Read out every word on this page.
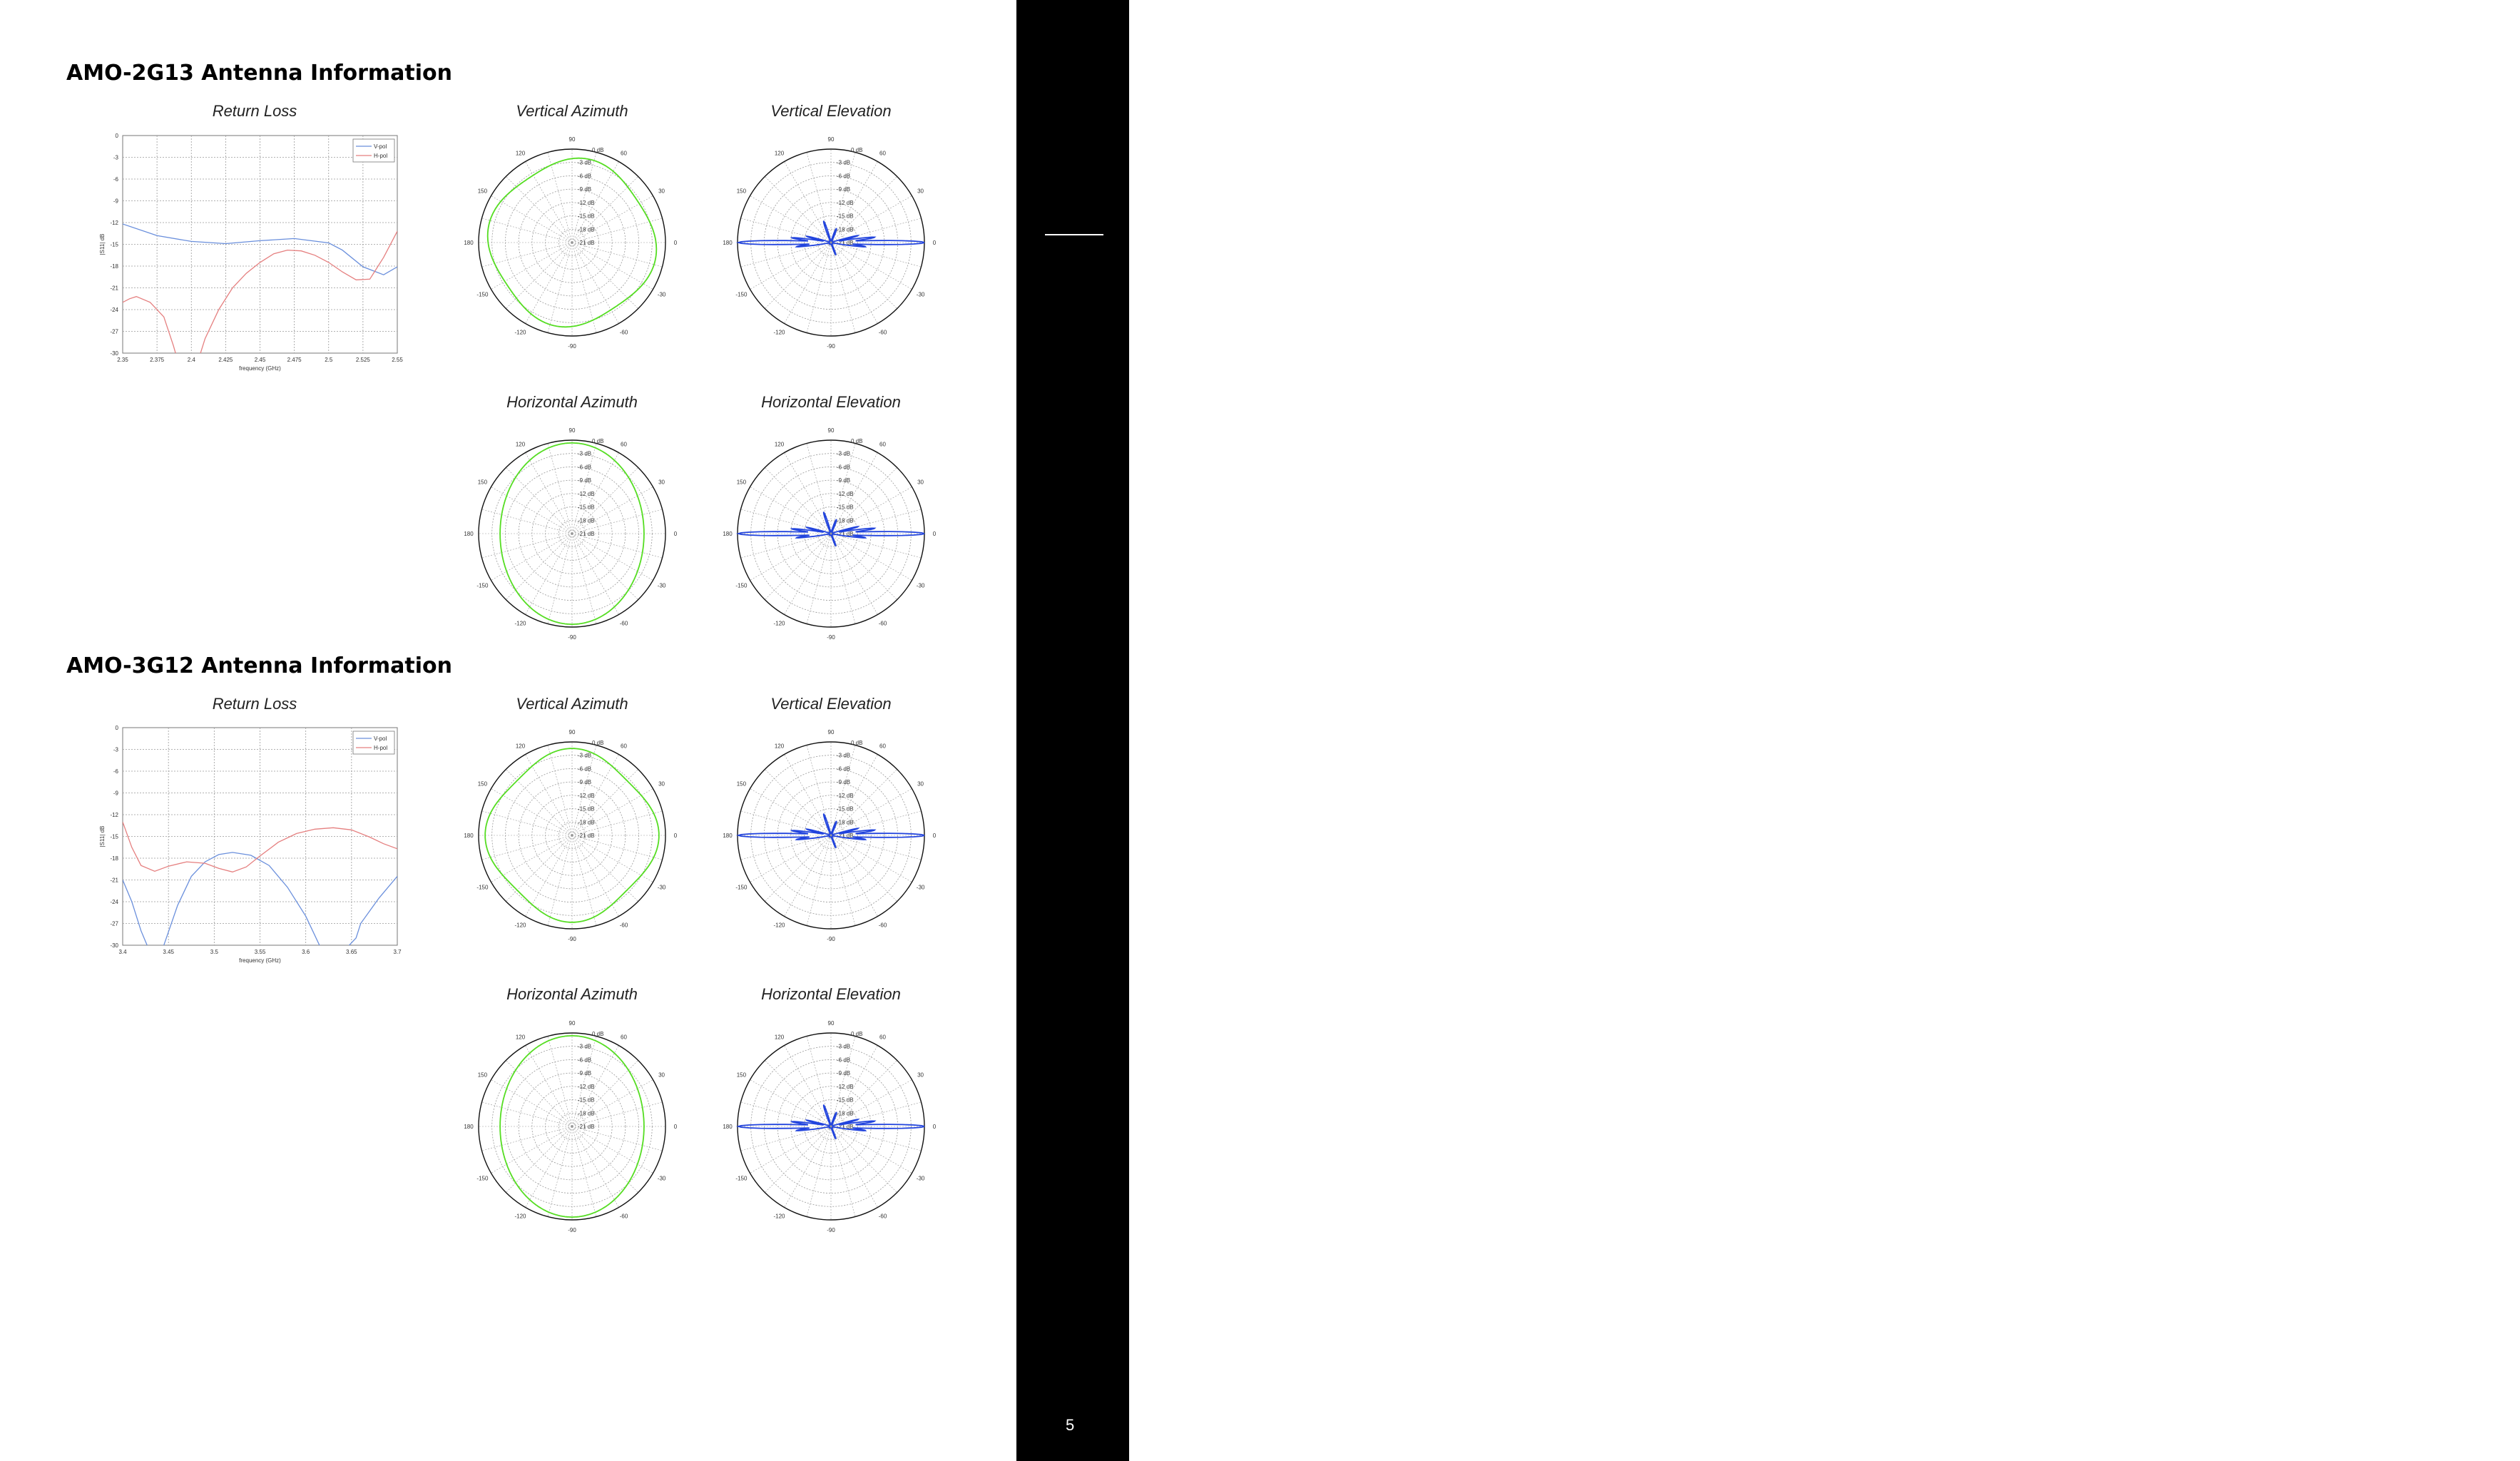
airMAX®Omni
DATASHEET
5
AMO-2G13 Antenna Information
AMO-3G12 Antenna Information
Return Loss	Vertical Azimuth	Vertical Elevation
Horizontal Azimuth	Horizontal Elevation
Return Loss	Vertical Azimuth	Vertical Elevation
Horizontal Azimuth	Horizontal Elevation
2.35	2.375	2.4	2.425	2.45	2.475	2.5	2.525	2.55
0
-3
-6
-9
-12
-15
-18
-21
-24
-27
-30
frequency (GHz)
|S11| dB
V-pol
H-pol
3.4	3.45	3.5	3.55	3.6	3.65	3.7
0
-3
-6
-9
-12
-15
-18
-21
-24
-27
-30
frequency (GHz)
|S11| dB
V-pol
H-pol
0
30
60
90
120
150
180
-150
-120
-90
-60
-30
0 dB
-3 dB
-6 dB
-9 dB
-12 dB
-15 dB
-18 dB
-21 dB	0
30
60
90
120
150
180
-150
-120
-90
-60
-30
0 dB
-3 dB
-6 dB
-9 dB
-12 dB
-15 dB
-18 dB
-21 dB
0
30
60
90
120
150
180
-150
-120
-90
-60
-30
0 dB
-3 dB
-6 dB
-9 dB
-12 dB
-15 dB
-18 dB
-21 dB	0
30
60
90
120
150
180
-150
-120
-90
-60
-30
0 dB
-3 dB
-6 dB
-9 dB
-12 dB
-15 dB
-18 dB
-21 dB
0
30
60
90
120
150
180
-150
-120
-90
-60
-30
0 dB
-3 dB
-6 dB
-9 dB
-12 dB
-15 dB
-18 dB
-21 dB	0
30
60
90
120
150
180
-150
-120
-90
-60
-30
0 dB
-3 dB
-6 dB
-9 dB
-12 dB
-15 dB
-18 dB
-21 dB
0
30
60
90
120
150
180
-150
-120
-90
-60
-30
0 dB
-3 dB
-6 dB
-9 dB
-12 dB
-15 dB
-18 dB
-21 dB	0
30
60
90
120
150
180
-150
-120
-90
-60
-30
0 dB
-3 dB
-6 dB
-9 dB
-12 dB
-15 dB
-18 dB
-21 dB
